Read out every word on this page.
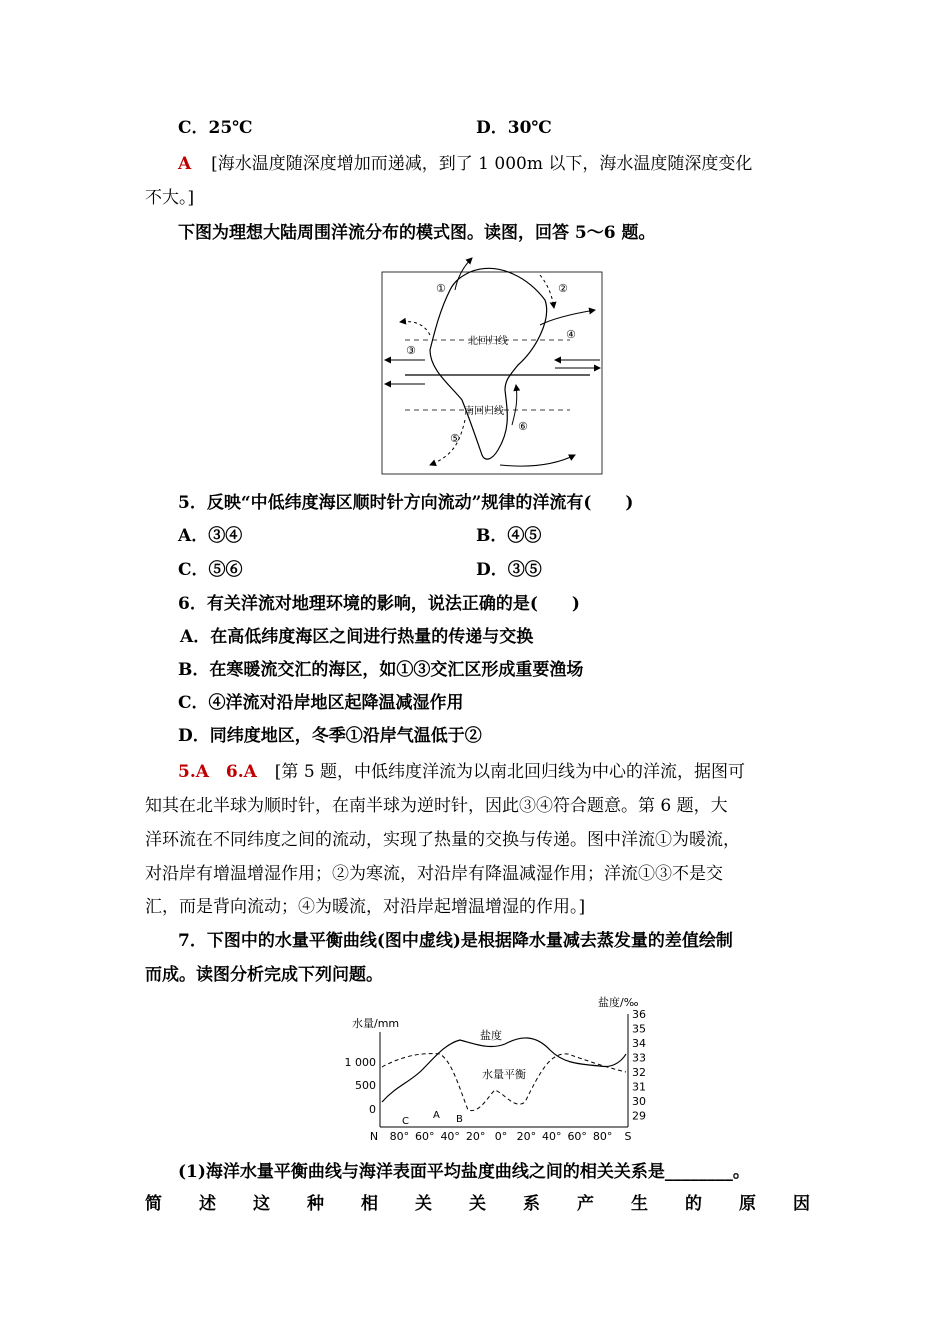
C．25℃	D．30℃
A [海水温度随深度增加而递减，到了 1 000m 以下，海水温度随深度变化
不大。]
下图为理想大陆周围洋流分布的模式图。读图，回答 5～6 题。
①	②
③
④
⑤
⑥
北回归线
南回归线
5．反映“中低纬度海区顺时针方向流动”规律的洋流有(　　)
A．③④	B．④⑤
C．⑤⑥	D．③⑤
6．有关洋流对地理环境的影响，说法正确的是(　　)
A．在高低纬度海区之间进行热量的传递与交换
B．在寒暖流交汇的海区，如①③交汇区形成重要渔场
C．④洋流对沿岸地区起降温减湿作用
D．同纬度地区，冬季①沿岸气温低于②
5.A　6.A [第 5 题，中低纬度洋流为以南北回归线为中心的洋流，据图可
知其在北半球为顺时针，在南半球为逆时针，因此③④符合题意。第 6 题，大
洋环流在不同纬度之间的流动，实现了热量的交换与传递。图中洋流①为暖流，
对沿岸有增温增湿作用；②为寒流，对沿岸有降温减湿作用；洋流①③不是交
汇，而是背向流动；④为暖流，对沿岸起增温增湿的作用。]
7．下图中的水量平衡曲线(图中虚线)是根据降水量减去蒸发量的差值绘制
而成。读图分析完成下列问题。
盐度/‰
水量/mm
1 000
500
0
36
35
34
33
32
31
30
29
N 80° 60° 40° 20° 0° 20° 40° 60° 80° S
盐度
水量平衡
C
A B
(1)海洋水量平衡曲线与海洋表面平均盐度曲线之间的相关关系是________。
简 述 这 种 相 关 关 系 产 生 的 原 因
